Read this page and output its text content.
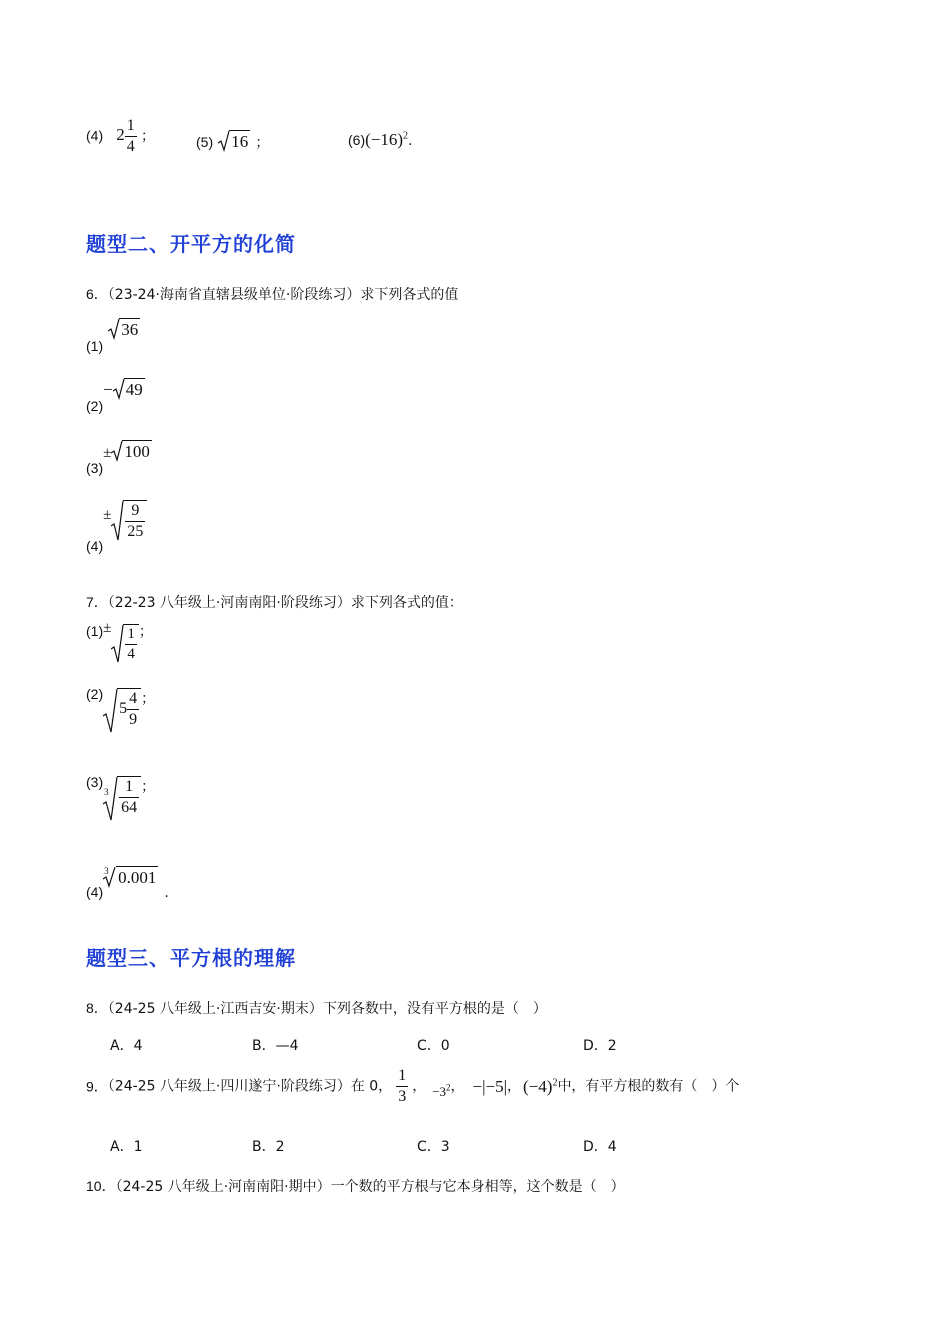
(4) $2 \frac{1}{4}$ ；	(5) 16 ；	$(6)(-16)^2$.
题型二、开平方的化简
6．（23-24·海南省直辖县级单位·阶段练习）求下列各式的值
(1)
36
(2)− 49
(3)± 100
$(4)\pm \frac{9}{25}$
7．（22-23 八年级上·河南南阳·阶段练习）求下列各式的值：
$(1)\pm \frac{1}{4}$ ；
(2)
$5 \frac{4}{9}$ ；
(3)
$3 \frac{1}{64}$ ；
(4)
3 0.001.
题型三、平方根的理解
8．（24-25 八年级上·江西吉安·期末）下列各数中，没有平方根的是（　）
A．4	B．—4	C．0	D．2
9．（24-25 八年级上·四川遂宁·阶段练习）在 0， $\frac{1}{3}$ ， $-3^2$， −|−5|， $(-4)^2$中，有平方根的数有（　）个
A．1	B．2	C．3	D．4
10．（24-25 八年级上·河南南阳·期中）一个数的平方根与它本身相等，这个数是（　）
